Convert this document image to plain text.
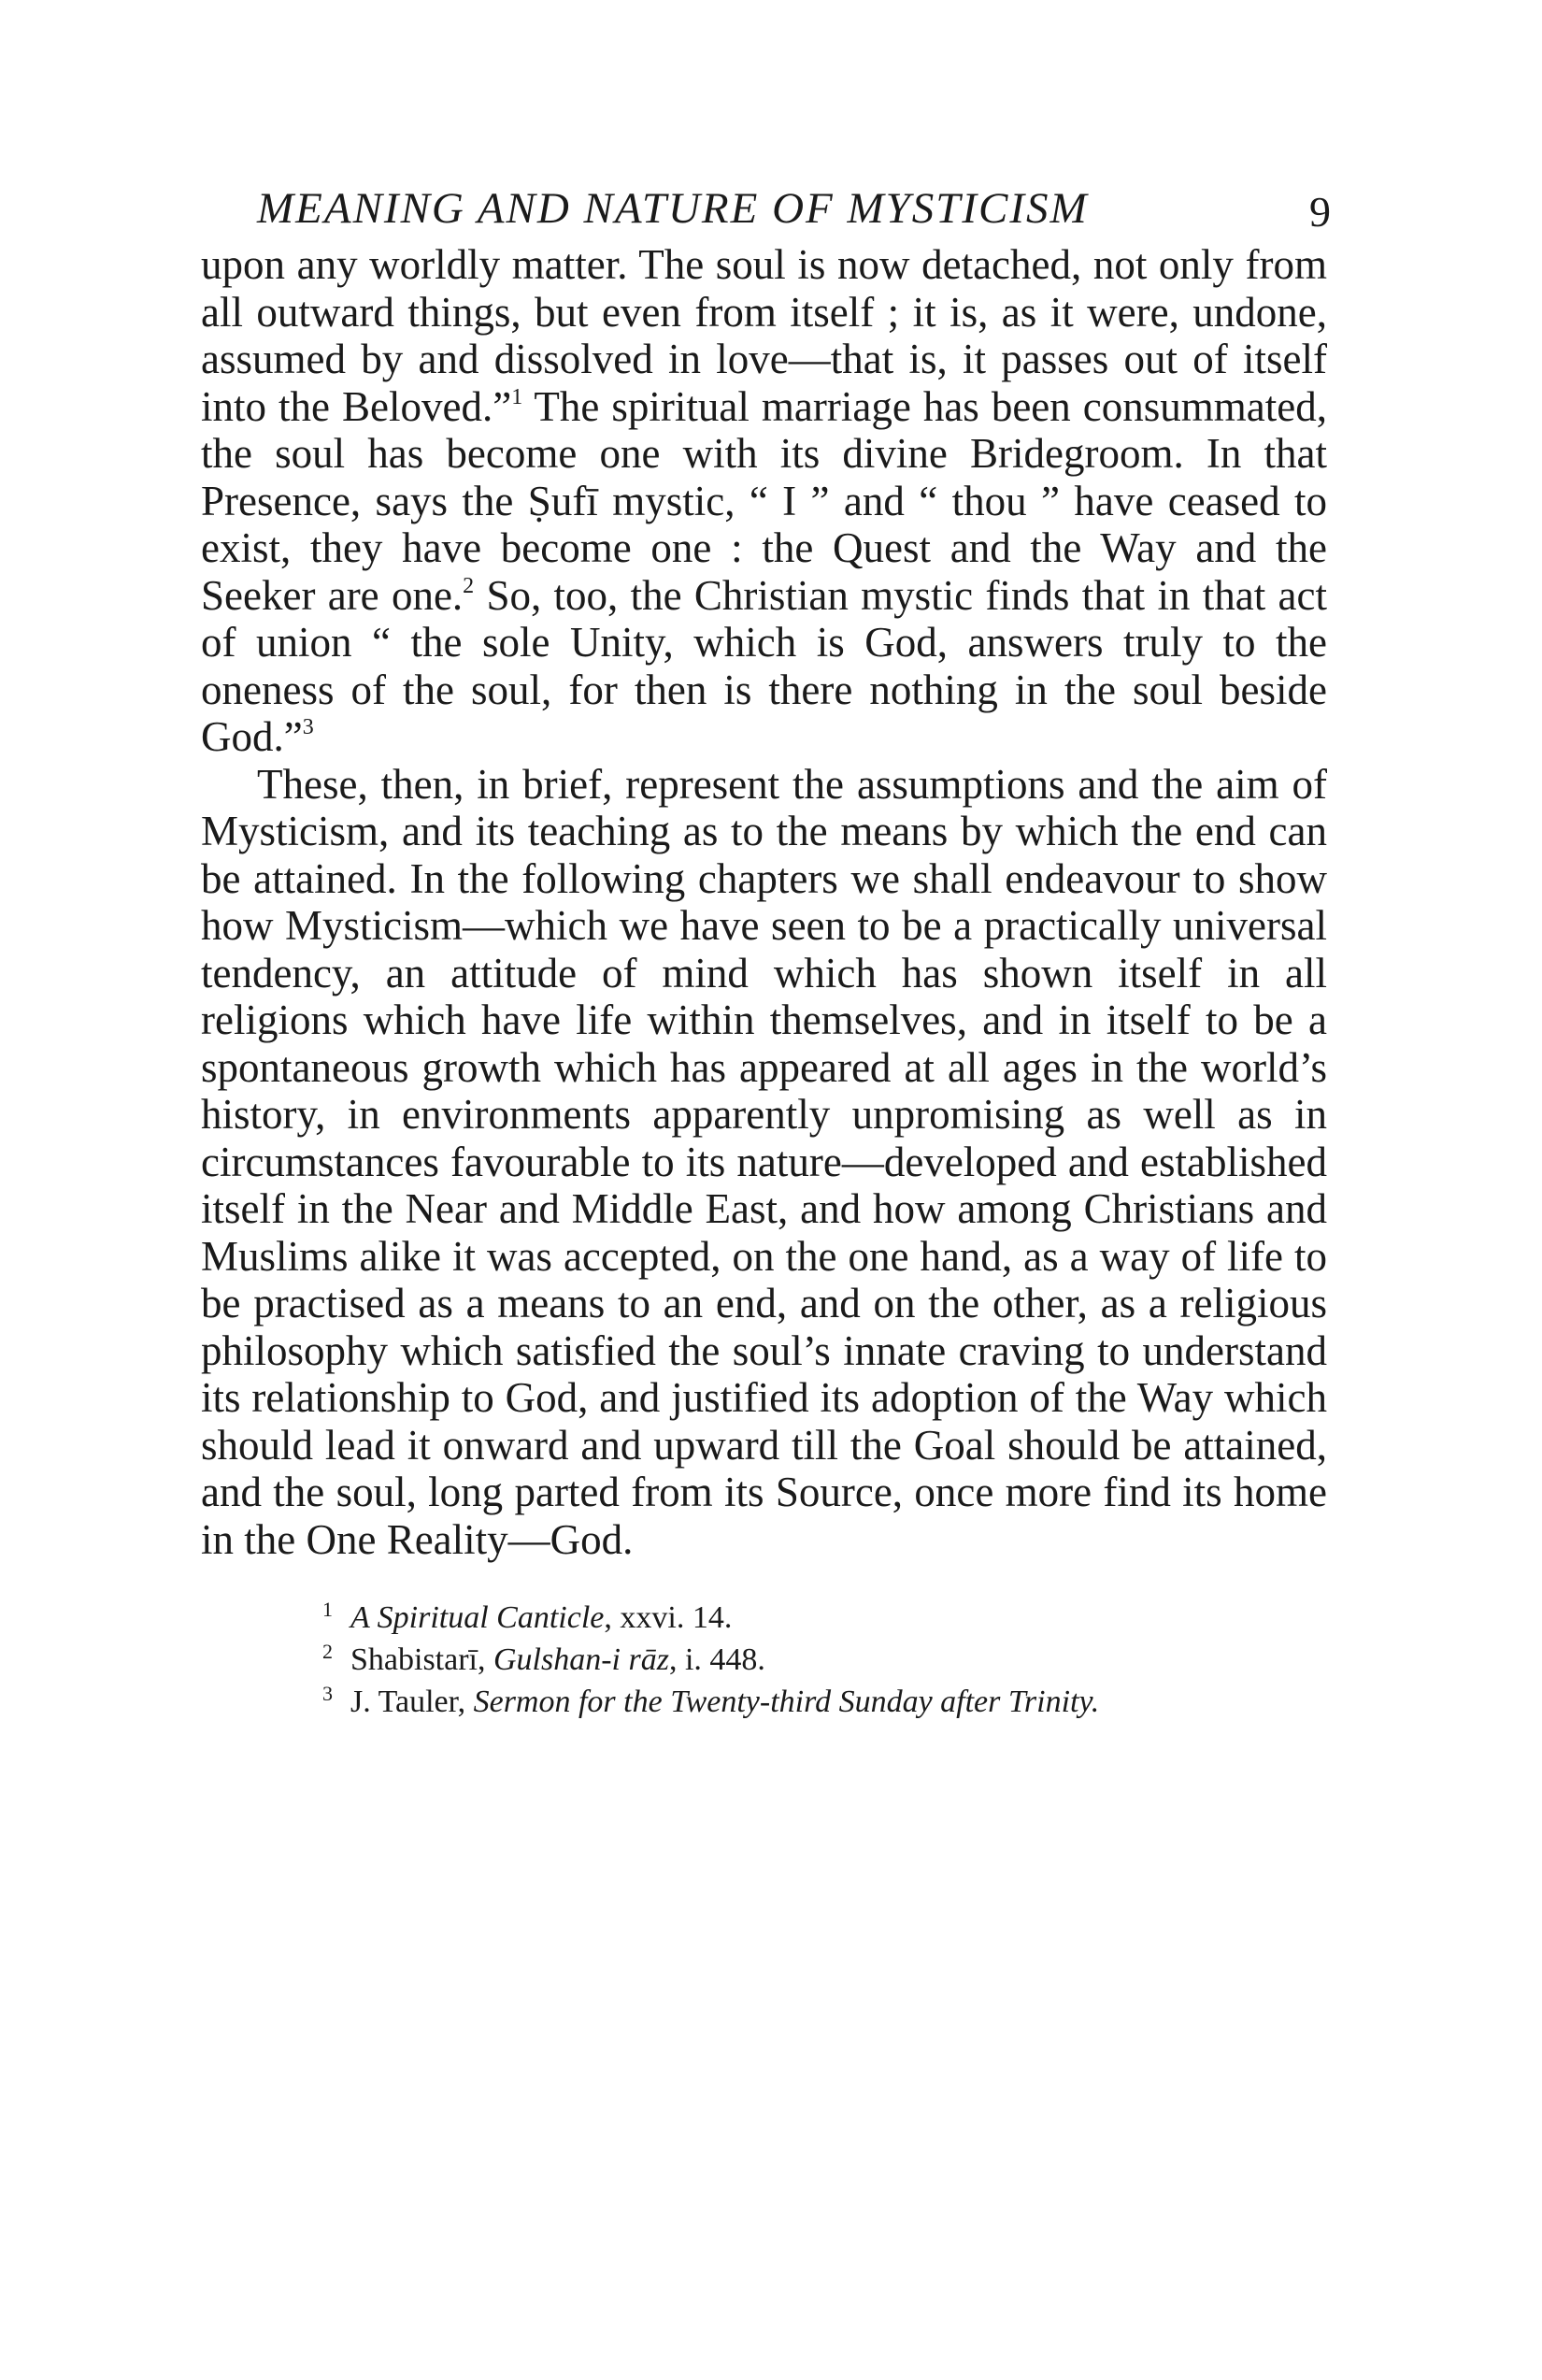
MEANING AND NATURE OF MYSTICISM	9

upon any worldly matter. The soul is now detached, not only from all outward things, but even from itself ; it is, as it were, undone, assumed by and dissolved in love—that is, it passes out of itself into the Beloved.”$^1$ The spiritual marriage has been consummated, the soul has become one with its divine Bridegroom. In that Presence, says the Ṣufī mystic, “ I ” and “ thou ” have ceased to exist, they have become one : the Quest and the Way and the Seeker are one.$^2$ So, too, the Christian mystic finds that in that act of union “ the sole Unity, which is God, answers truly to the oneness of the soul, for then is there nothing in the soul beside God.”$^3$

These, then, in brief, represent the assumptions and the aim of Mysticism, and its teaching as to the means by which the end can be attained. In the following chapters we shall endeavour to show how Mysticism—which we have seen to be a practically universal tendency, an attitude of mind which has shown itself in all religions which have life within themselves, and in itself to be a spontaneous growth which has appeared at all ages in the world’s history, in environments apparently unpromising as well as in circumstances favourable to its nature—developed and established itself in the Near and Middle East, and how among Christians and Muslims alike it was accepted, on the one hand, as a way of life to be practised as a means to an end, and on the other, as a religious philosophy which satisfied the soul’s innate craving to understand its relationship to God, and justified its adoption of the Way which should lead it onward and upward till the Goal should be attained, and the soul, long parted from its Source, once more find its home in the One Reality—God.

1 A Spiritual Canticle, xxvi. 14.
2 Shabistarī, Gulshan-i rāz, i. 448.
3 J. Tauler, Sermon for the Twenty-third Sunday after Trinity.
